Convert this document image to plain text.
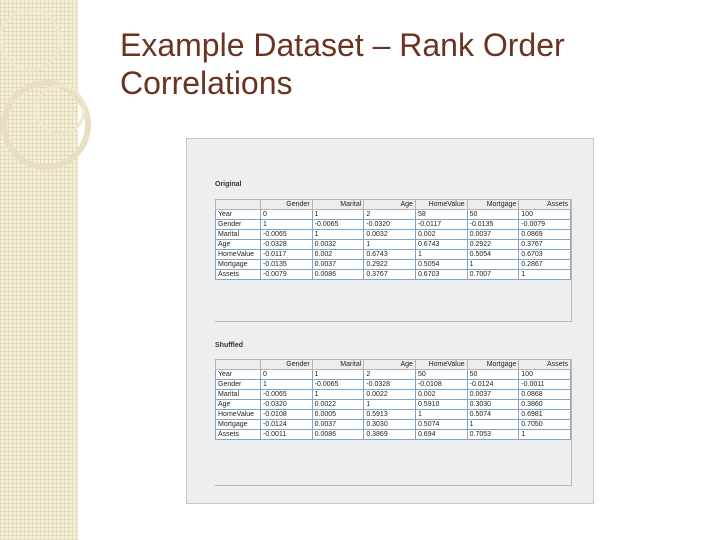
Example Dataset – Rank Order Correlations
Original
	Gender	Marital	Age	HomeValue	Mortgage	Assets
Year	0	1	2	58	50	100
Gender	1	-0.0065	-0.0320	-0.0117	-0.0135	-0.0079
Marital	-0.0065	1	0.0032	0.002	0.0037	0.0869
Age	-0.0328	0.0032	1	0.6743	0.2922	0.3767
HomeValue	-0.0117	0.002	0.6743	1	0.5054	0.6703
Mortgage	-0.0135	0.0037	0.2922	0.5054	1	0.2867
Assets	-0.0079	0.0086	0.3767	0.6703	0.7007	1
Shuffled
	Gender	Marital	Age	HomeValue	Mortgage	Assets
Year	0	1	2	50	50	100
Gender	1	-0.0065	-0.0328	-0.0108	-0.0124	-0.0011
Marital	-0.0065	1	0.0022	0.002	0.0037	0.0868
Age	-0.0320	0.0022	1	0.5910	0.3030	0.3860
HomeValue	-0.0108	0.0005	0.5913	1	0.5074	0.6981
Mortgage	-0.0124	0.0037	0.3030	0.5074	1	0.7050
Assets	-0.0011	0.0086	0.3869	0.694	0.7053	1
